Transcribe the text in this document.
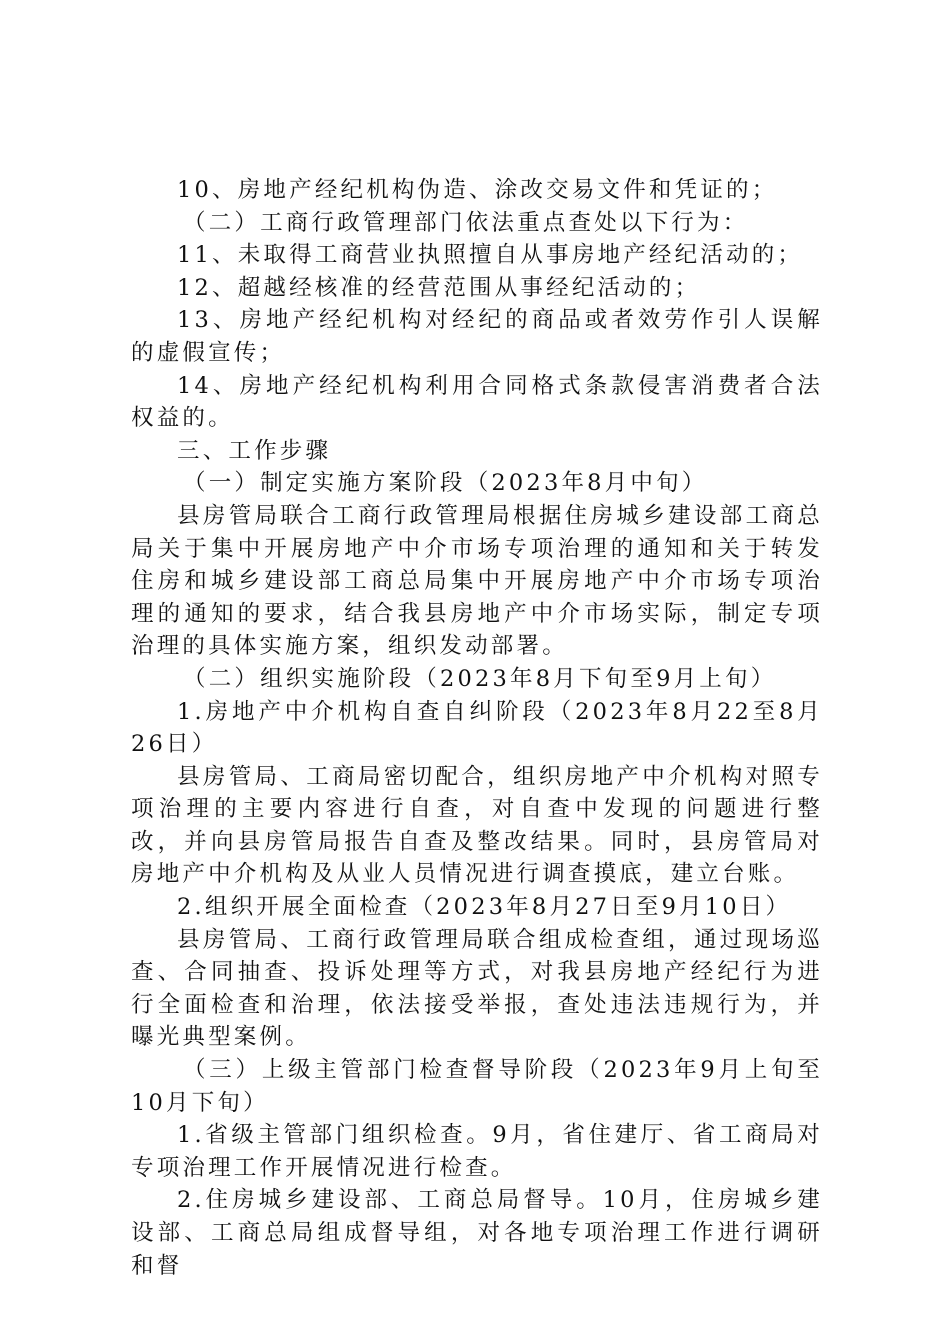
10、房地产经纪机构伪造、涂改交易文件和凭证的；

（二）工商行政管理部门依法重点查处以下行为：

11、未取得工商营业执照擅自从事房地产经纪活动的；

12、超越经核准的经营范围从事经纪活动的；

13、房地产经纪机构对经纪的商品或者效劳作引人误解的虚假宣传；

14、房地产经纪机构利用合同格式条款侵害消费者合法权益的。

三、工作步骤

（一）制定实施方案阶段（2023年8月中旬）

县房管局联合工商行政管理局根据住房城乡建设部工商总局关于集中开展房地产中介市场专项治理的通知和关于转发住房和城乡建设部工商总局集中开展房地产中介市场专项治理的通知的要求，结合我县房地产中介市场实际，制定专项治理的具体实施方案，组织发动部署。

（二）组织实施阶段（2023年8月下旬至9月上旬）

1.房地产中介机构自查自纠阶段（2023年8月22至8月26日）

县房管局、工商局密切配合，组织房地产中介机构对照专项治理的主要内容进行自查，对自查中发现的问题进行整改，并向县房管局报告自查及整改结果。同时，县房管局对房地产中介机构及从业人员情况进行调查摸底，建立台账。

2.组织开展全面检查（2023年8月27日至9月10日）

县房管局、工商行政管理局联合组成检查组，通过现场巡查、合同抽查、投诉处理等方式，对我县房地产经纪行为进行全面检查和治理，依法接受举报，查处违法违规行为，并曝光典型案例。

（三）上级主管部门检查督导阶段（2023年9月上旬至10月下旬）

1.省级主管部门组织检查。9月，省住建厅、省工商局对专项治理工作开展情况进行检查。

2.住房城乡建设部、工商总局督导。10月，住房城乡建设部、工商总局组成督导组，对各地专项治理工作进行调研和督
